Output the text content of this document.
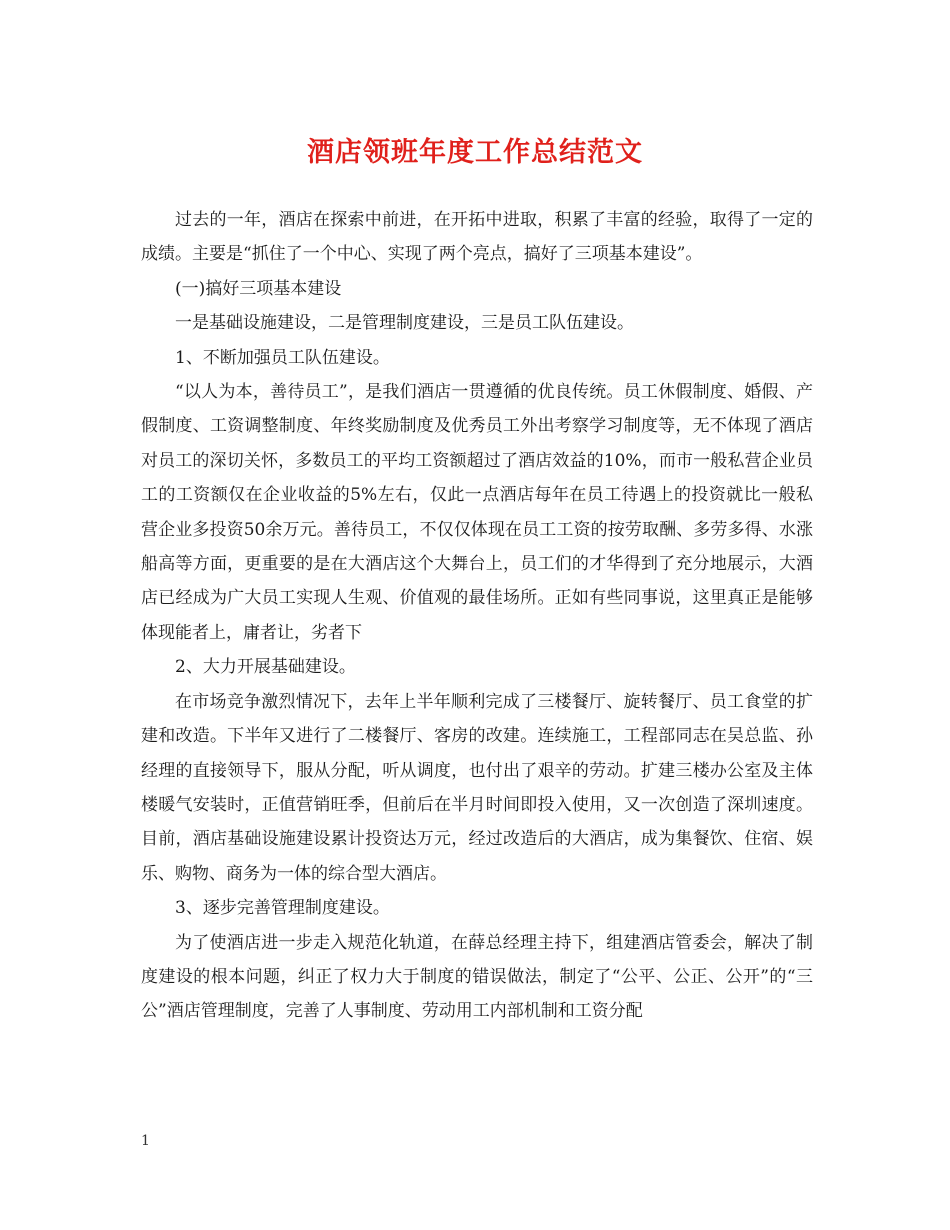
酒店领班年度工作总结范文

过去的一年，酒店在探索中前进，在开拓中进取，积累了丰富的经验，取得了一定的成绩。主要是“抓住了一个中心、实现了两个亮点，搞好了三项基本建设”。

(一)搞好三项基本建设

一是基础设施建设，二是管理制度建设，三是员工队伍建设。

1、不断加强员工队伍建设。

“以人为本，善待员工”，是我们酒店一贯遵循的优良传统。员工休假制度、婚假、产假制度、工资调整制度、年终奖励制度及优秀员工外出考察学习制度等，无不体现了酒店对员工的深切关怀，多数员工的平均工资额超过了酒店效益的10%，而市一般私营企业员工的工资额仅在企业收益的5%左右，仅此一点酒店每年在员工待遇上的投资就比一般私营企业多投资50余万元。善待员工，不仅仅体现在员工工资的按劳取酬、多劳多得、水涨船高等方面，更重要的是在大酒店这个大舞台上，员工们的才华得到了充分地展示，大酒店已经成为广大员工实现人生观、价值观的最佳场所。正如有些同事说，这里真正是能够体现能者上，庸者让，劣者下

2、大力开展基础建设。

在市场竞争激烈情况下，去年上半年顺利完成了三楼餐厅、旋转餐厅、员工食堂的扩建和改造。下半年又进行了二楼餐厅、客房的改建。连续施工，工程部同志在吴总监、孙经理的直接领导下，服从分配，听从调度，也付出了艰辛的劳动。扩建三楼办公室及主体楼暖气安装时，正值营销旺季，但前后在半月时间即投入使用，又一次创造了深圳速度。目前，酒店基础设施建设累计投资达万元，经过改造后的大酒店，成为集餐饮、住宿、娱乐、购物、商务为一体的综合型大酒店。

3、逐步完善管理制度建设。

为了使酒店进一步走入规范化轨道，在薛总经理主持下，组建酒店管委会，解决了制度建设的根本问题，纠正了权力大于制度的错误做法，制定了“公平、公正、公开”的“三公”酒店管理制度，完善了人事制度、劳动用工内部机制和工资分配

1
